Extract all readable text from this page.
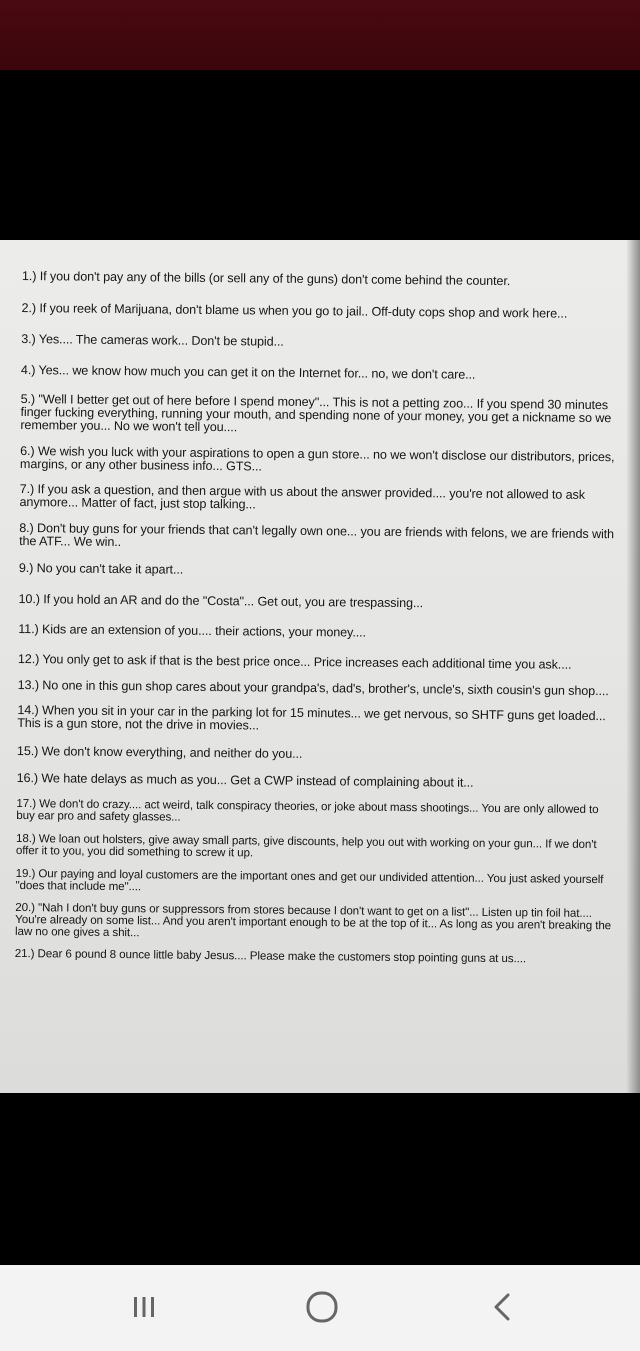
1.) If you don't pay any of the bills (or sell any of the guns) don't come behind the counter.

2.) If you reek of Marijuana, don't blame us when you go to jail.. Off-duty cops shop and work here...

3.) Yes.... The cameras work... Don't be stupid...

4.) Yes... we know how much you can get it on the Internet for... no, we don't care...

5.) "Well I better get out of here before I spend money"... This is not a petting zoo... If you spend 30 minutes finger fucking everything, running your mouth, and spending none of your money, you get a nickname so we remember you... No we won't tell you....

6.) We wish you luck with your aspirations to open a gun store... no we won't disclose our distributors, prices, margins, or any other business info... GTS...

7.) If you ask a question, and then argue with us about the answer provided.... you're not allowed to ask anymore... Matter of fact, just stop talking...

8.) Don't buy guns for your friends that can't legally own one... you are friends with felons, we are friends with the ATF... We win..

9.) No you can't take it apart...

10.) If you hold an AR and do the "Costa"... Get out, you are trespassing...

11.) Kids are an extension of you.... their actions, your money....

12.) You only get to ask if that is the best price once... Price increases each additional time you ask....

13.) No one in this gun shop cares about your grandpa's, dad's, brother's, uncle's, sixth cousin's gun shop....

14.) When you sit in your car in the parking lot for 15 minutes... we get nervous, so SHTF guns get loaded... This is a gun store, not the drive in movies...

15.) We don't know everything, and neither do you...

16.) We hate delays as much as you... Get a CWP instead of complaining about it...

17.) We don't do crazy.... act weird, talk conspiracy theories, or joke about mass shootings... You are only allowed to buy ear pro and safety glasses...

18.) We loan out holsters, give away small parts, give discounts, help you out with working on your gun... If we don't offer it to you, you did something to screw it up.

19.) Our paying and loyal customers are the important ones and get our undivided attention... You just asked yourself "does that include me"....

20.) "Nah I don't buy guns or suppressors from stores because I don't want to get on a list"... Listen up tin foil hat.... You're already on some list... And you aren't important enough to be at the top of it... As long as you aren't breaking the law no one gives a shit...

21.) Dear 6 pound 8 ounce little baby Jesus.... Please make the customers stop pointing guns at us....
